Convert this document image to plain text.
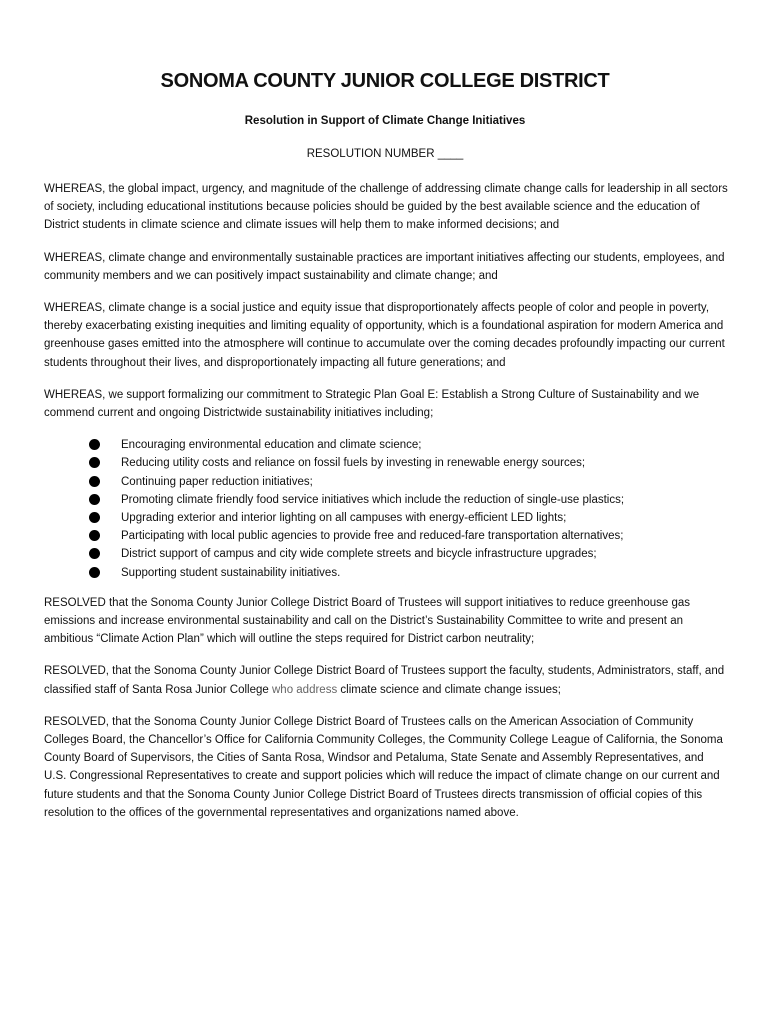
SONOMA COUNTY JUNIOR COLLEGE DISTRICT
Resolution in Support of Climate Change Initiatives
RESOLUTION NUMBER ____

WHEREAS, the global impact, urgency, and magnitude of the challenge of addressing climate change calls for leadership in all sectors of society, including educational institutions because policies should be guided by the best available science and the education of District students in climate science and climate issues will help them to make informed decisions; and

WHEREAS, climate change and environmentally sustainable practices are important initiatives affecting our students, employees, and community members and we can positively impact sustainability and climate change; and

WHEREAS, climate change is a social justice and equity issue that disproportionately affects people of color and people in poverty, thereby exacerbating existing inequities and limiting equality of opportunity, which is a foundational aspiration for modern America and greenhouse gases emitted into the atmosphere will continue to accumulate over the coming decades profoundly impacting our current students throughout their lives, and disproportionately impacting all future generations; and

WHEREAS, we support formalizing our commitment to Strategic Plan Goal E: Establish a Strong Culture of Sustainability and we commend current and ongoing Districtwide sustainability initiatives including;

Encouraging environmental education and climate science;
Reducing utility costs and reliance on fossil fuels by investing in renewable energy sources;
Continuing paper reduction initiatives;
Promoting climate friendly food service initiatives which include the reduction of single-use plastics;
Upgrading exterior and interior lighting on all campuses with energy-efficient LED lights;
Participating with local public agencies to provide free and reduced-fare transportation alternatives;
District support of campus and city wide complete streets and bicycle infrastructure upgrades;
Supporting student sustainability initiatives.

RESOLVED that the Sonoma County Junior College District Board of Trustees will support initiatives to reduce greenhouse gas emissions and increase environmental sustainability and call on the District’s Sustainability Committee to write and present an ambitious “Climate Action Plan” which will outline the steps required for District carbon neutrality;

RESOLVED, that the Sonoma County Junior College District Board of Trustees support the faculty, students, Administrators, staff, and classified staff of Santa Rosa Junior College who address climate science and climate change issues;

RESOLVED, that the Sonoma County Junior College District Board of Trustees calls on the American Association of Community Colleges Board, the Chancellor’s Office for California Community Colleges, the Community College League of California, the Sonoma County Board of Supervisors, the Cities of Santa Rosa, Windsor and Petaluma, State Senate and Assembly Representatives, and U.S. Congressional Representatives to create and support policies which will reduce the impact of climate change on our current and future students and that the Sonoma County Junior College District Board of Trustees directs transmission of official copies of this resolution to the offices of the governmental representatives and organizations named above.
